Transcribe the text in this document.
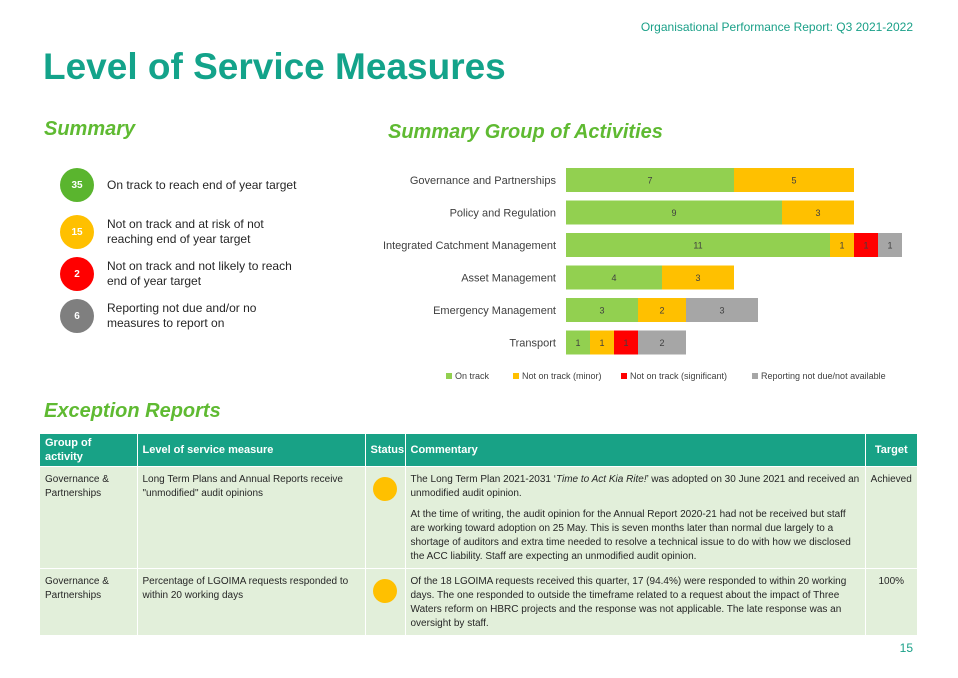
Organisational Performance Report: Q3 2021-2022
Level of Service Measures
Summary
35	On track to reach end of year target
15
Not on track and at risk of not reaching end of year target
2
Not on track and not likely to reach end of year target
6
Reporting not due and/or no measures to report on
Summary Group of Activities
Governance and Partnerships	7	5
Policy and Regulation	9	3
Integrated Catchment Management	11	1 1 1
Asset Management	4	3
Emergency Management	3	2	3
Transport 1 1 1	2
On track	Not on track (minor)	Not on track (significant)	Reporting not due/not available
Exception Reports
Group of activity	Level of service measure	Status	Commentary	Target
Governance & Partnerships	Long Term Plans and Annual Reports receive "unmodified" audit opinions		The Long Term Plan 2021-2031 ‘Time to Act Kia Rite!’ was adopted on 30 June 2021 and received an unmodified audit opinion.

At the time of writing, the audit opinion for the Annual Report 2020-21 had not be received but staff are working toward adoption on 25 May. This is seven months later than normal due largely to a shortage of auditors and extra time needed to resolve a technical issue to do with how we disclosed the ACC liability. Staff are expecting an unmodified audit opinion.	Achieved
Governance & Partnerships	Percentage of LGOIMA requests responded to within 20 working days		Of the 18 LGOIMA requests received this quarter, 17 (94.4%) were responded to within 20 working days. The one responded to outside the timeframe related to a request about the impact of Three Waters reform on HBRC projects and the response was not applicable. The late response was an oversight by staff.	100%
15
